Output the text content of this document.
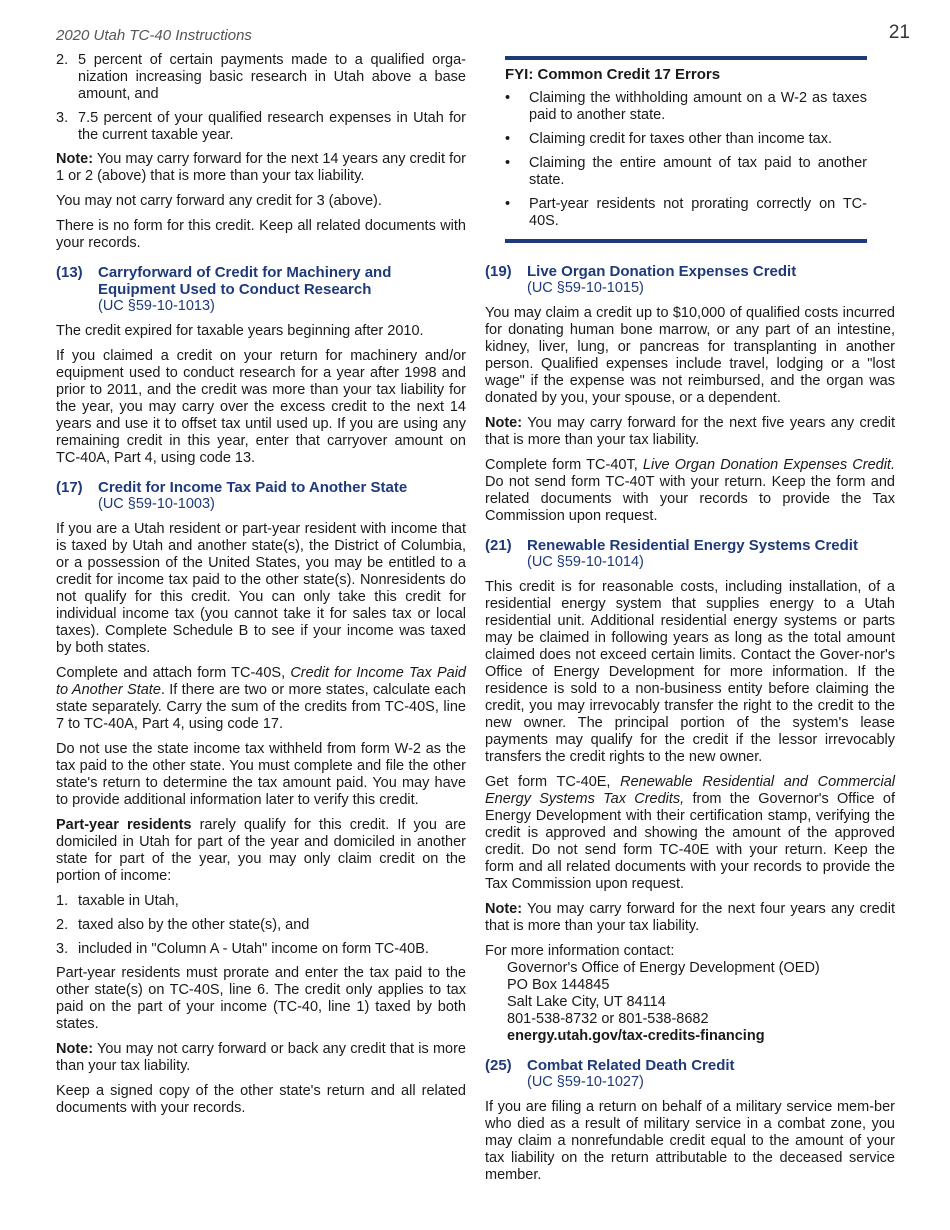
2020 Utah TC-40 Instructions	21
2. 5 percent of certain payments made to a qualified orga-nization increasing basic research in Utah above a base amount, and
3. 7.5 percent of your qualified research expenses in Utah for the current taxable year.

Note: You may carry forward for the next 14 years any credit for 1 or 2 (above) that is more than your tax liability.

You may not carry forward any credit for 3 (above).

There is no form for this credit. Keep all related documents with your records.

(13)	Carryforward of Credit for Machinery and Equipment Used to Conduct Research
(UC §59-10-1013)

The credit expired for taxable years beginning after 2010.

If you claimed a credit on your return for machinery and/or equipment used to conduct research for a year after 1998 and prior to 2011, and the credit was more than your tax liability for the year, you may carry over the excess credit to the next 14 years and use it to offset tax until used up. If you are using any remaining credit in this year, enter that carryover amount on TC-40A, Part 4, using code 13.

(17)	Credit for Income Tax Paid to Another State
(UC §59-10-1003)

If you are a Utah resident or part-year resident with income that is taxed by Utah and another state(s), the District of Columbia, or a possession of the United States, you may be entitled to a credit for income tax paid to the other state(s). Nonresidents do not qualify for this credit. You can only take this credit for individual income tax (you cannot take it for sales tax or local taxes). Complete Schedule B to see if your income was taxed by both states.

Complete and attach form TC-40S, Credit for Income Tax Paid to Another State. If there are two or more states, calculate each state separately. Carry the sum of the credits from TC-40S, line 7 to TC-40A, Part 4, using code 17.

Do not use the state income tax withheld from form W-2 as the tax paid to the other state. You must complete and file the other state's return to determine the tax amount paid. You may have to provide additional information later to verify this credit.

Part-year residents rarely qualify for this credit. If you are domiciled in Utah for part of the year and domiciled in another state for part of the year, you may only claim credit on the portion of income:

1. taxable in Utah,
2. taxed also by the other state(s), and
3. included in "Column A - Utah" income on form TC-40B.

Part-year residents must prorate and enter the tax paid to the other state(s) on TC-40S, line 6. The credit only applies to tax paid on the part of your income (TC-40, line 1) taxed by both states.

Note: You may not carry forward or back any credit that is more than your tax liability.

Keep a signed copy of the other state's return and all related documents with your records.

FYI: Common Credit 17 Errors
•	Claiming the withholding amount on a W-2 as taxes paid to another state.
•	Claiming credit for taxes other than income tax.
•	Claiming the entire amount of tax paid to another state.
•	Part-year residents not prorating correctly on TC-40S.
(19)	Live Organ Donation Expenses Credit
(UC §59-10-1015)

You may claim a credit up to $10,000 of qualified costs incurred for donating human bone marrow, or any part of an intestine, kidney, liver, lung, or pancreas for transplanting in another person. Qualified expenses include travel, lodging or a "lost wage" if the expense was not reimbursed, and the organ was donated by you, your spouse, or a dependent.

Note: You may carry forward for the next five years any credit that is more than your tax liability.

Complete form TC-40T, Live Organ Donation Expenses Credit. Do not send form TC-40T with your return. Keep the form and related documents with your records to provide the Tax Commission upon request.

(21)	Renewable Residential Energy Systems Credit
(UC §59-10-1014)

This credit is for reasonable costs, including installation, of a residential energy system that supplies energy to a Utah residential unit. Additional residential energy systems or parts may be claimed in following years as long as the total amount claimed does not exceed certain limits. Contact the Gover-nor's Office of Energy Development for more information. If the residence is sold to a non-business entity before claiming the credit, you may irrevocably transfer the right to the credit to the new owner. The principal portion of the system's lease payments may qualify for the credit if the lessor irrevocably transfers the credit rights to the new owner.

Get form TC-40E, Renewable Residential and Commercial Energy Systems Tax Credits, from the Governor's Office of Energy Development with their certification stamp, verifying the credit is approved and showing the amount of the approved credit. Do not send form TC-40E with your return. Keep the form and all related documents with your records to provide the Tax Commission upon request.

Note: You may carry forward for the next four years any credit that is more than your tax liability.

For more information contact:
Governor's Office of Energy Development (OED)
PO Box 144845
Salt Lake City, UT 84114
801-538-8732 or 801-538-8682
energy.utah.gov/tax-credits-financing
(25)	Combat Related Death Credit
(UC §59-10-1027)

If you are filing a return on behalf of a military service mem-ber who died as a result of military service in a combat zone, you may claim a nonrefundable credit equal to the amount of your tax liability on the return attributable to the deceased service member.
